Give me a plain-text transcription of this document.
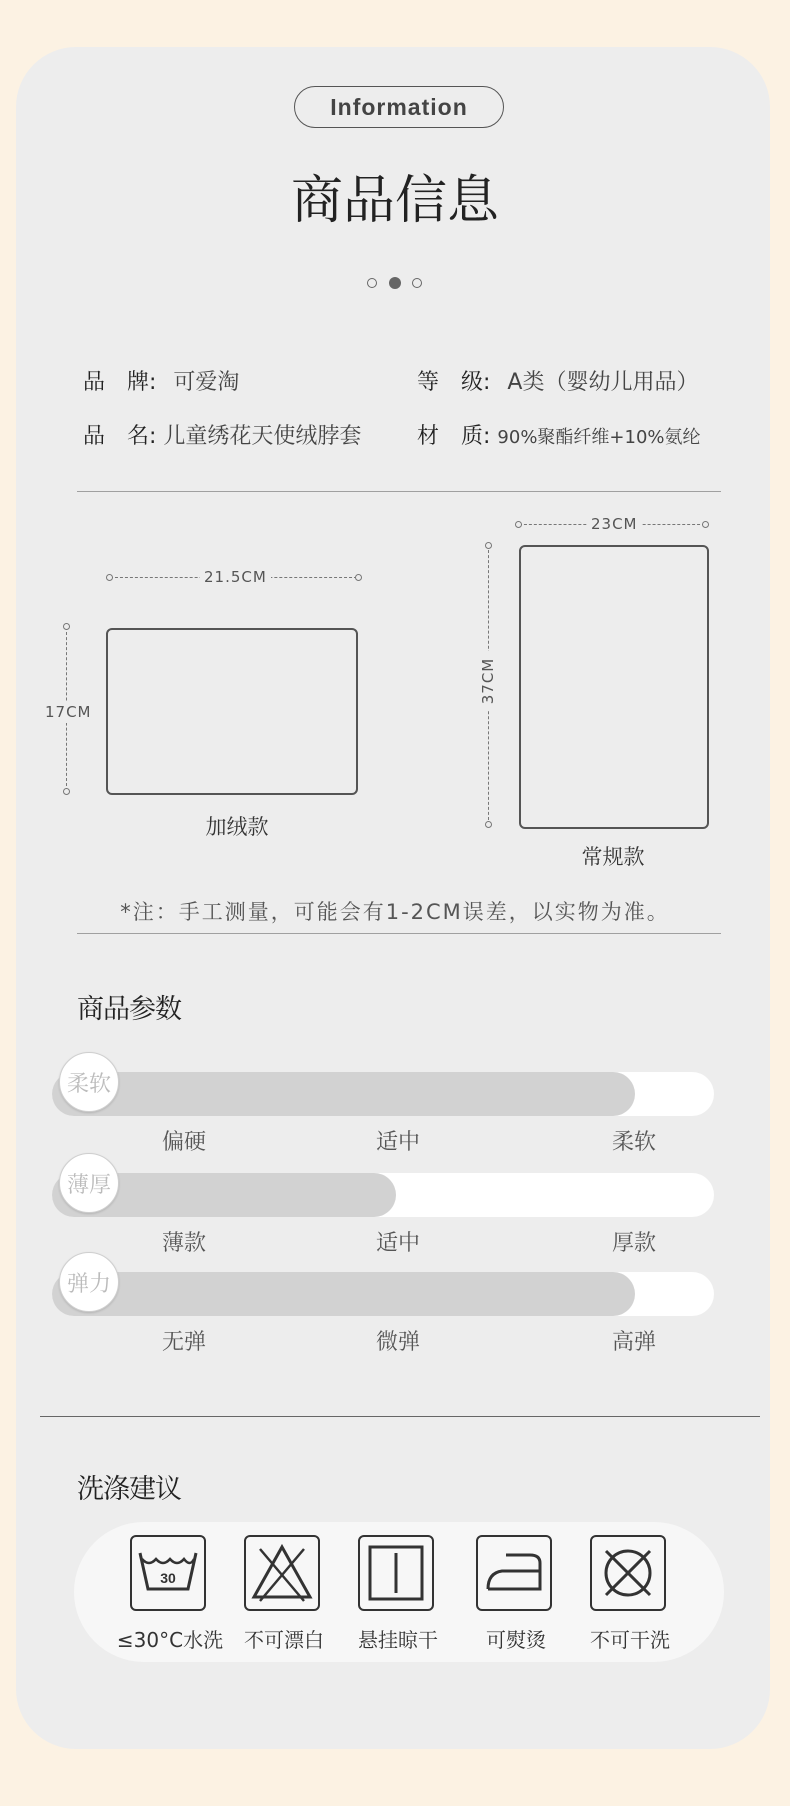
Information
商品信息
品　牌: 可爱淘	等　级: A类（婴幼儿用品）
品　名: 儿童绣花天使绒脖套	材　质: 90%聚酯纤维+10%氨纶
21.5CM
17CM
加绒款
23CM
37CM
常规款
*注：手工测量，可能会有1-2CM误差，以实物为准。
商品参数
柔软
偏硬	适中	柔软
薄厚
薄款	适中	厚款
弹力
无弹	微弹	高弹
洗涤建议
30
≤30°C水洗	不可漂白	悬挂晾干	可熨烫	不可干洗
